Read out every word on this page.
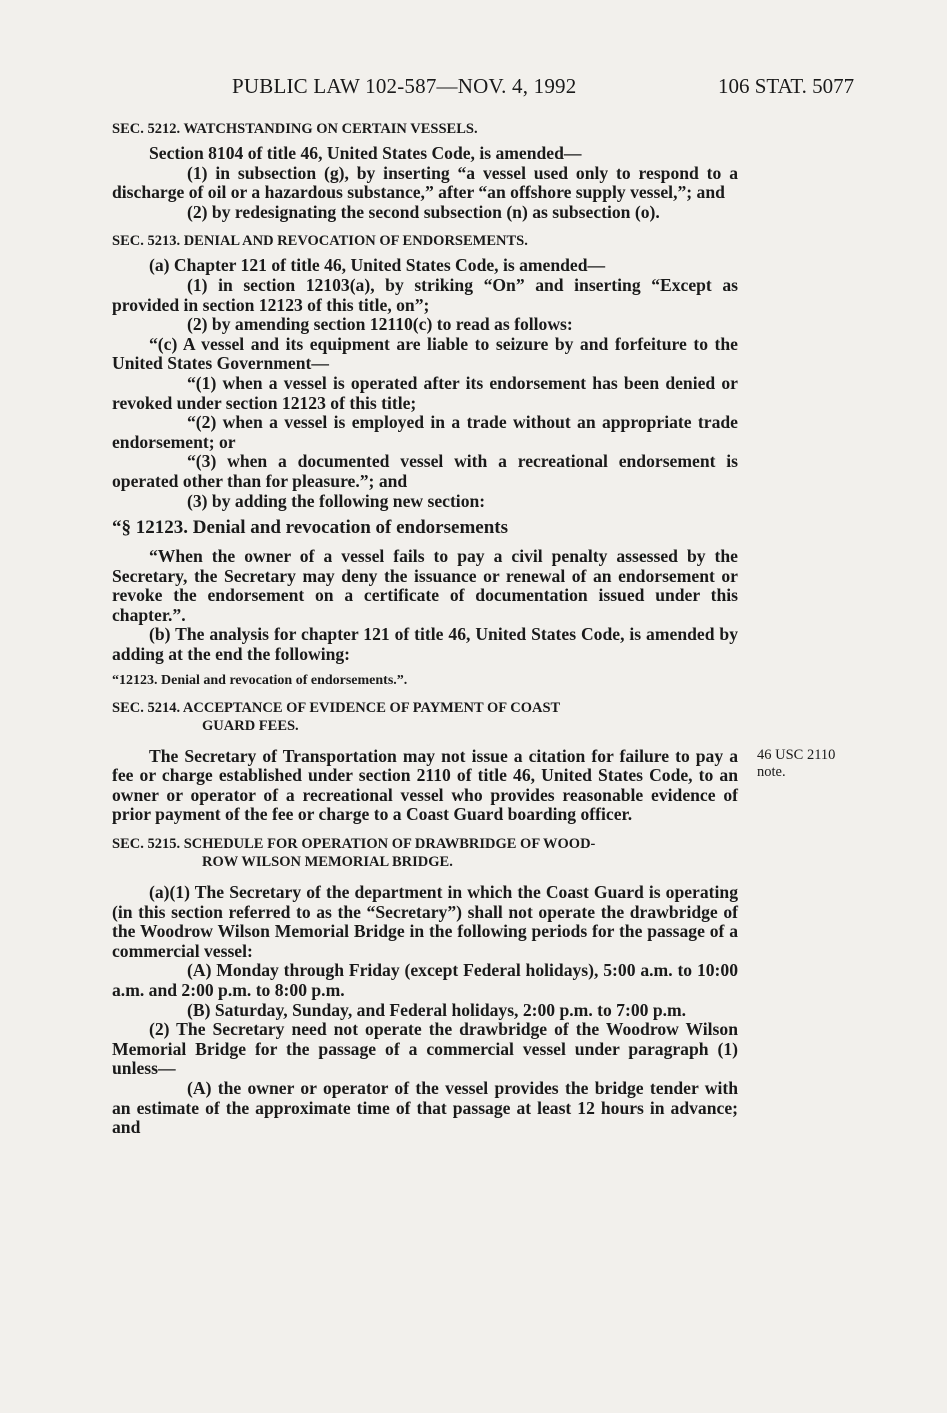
PUBLIC LAW 102-587—NOV. 4, 1992	106 STAT. 5077
SEC. 5212. WATCHSTANDING ON CERTAIN VESSELS.

Section 8104 of title 46, United States Code, is amended—

(1) in subsection (g), by inserting “a vessel used only to respond to a discharge of oil or a hazardous substance,” after “an offshore supply vessel,”; and

(2) by redesignating the second subsection (n) as subsection (o).

SEC. 5213. DENIAL AND REVOCATION OF ENDORSEMENTS.

(a) Chapter 121 of title 46, United States Code, is amended—

(1) in section 12103(a), by striking “On” and inserting “Except as provided in section 12123 of this title, on”;

(2) by amending section 12110(c) to read as follows:

“(c) A vessel and its equipment are liable to seizure by and forfeiture to the United States Government—

“(1) when a vessel is operated after its endorsement has been denied or revoked under section 12123 of this title;

“(2) when a vessel is employed in a trade without an appropriate trade endorsement; or

“(3) when a documented vessel with a recreational endorsement is operated other than for pleasure.”; and

(3) by adding the following new section:

“§ 12123. Denial and revocation of endorsements

“When the owner of a vessel fails to pay a civil penalty assessed by the Secretary, the Secretary may deny the issuance or renewal of an endorsement or revoke the endorsement on a certificate of documentation issued under this chapter.”.

(b) The analysis for chapter 121 of title 46, United States Code, is amended by adding at the end the following:

“12123. Denial and revocation of endorsements.”.
SEC. 5214. ACCEPTANCE OF EVIDENCE OF PAYMENT OF COAST
GUARD FEES.

The Secretary of Transportation may not issue a citation for failure to pay a fee or charge established under section 2110 of title 46, United States Code, to an owner or operator of a recreational vessel who provides reasonable evidence of prior payment of the fee or charge to a Coast Guard boarding officer.

SEC. 5215. SCHEDULE FOR OPERATION OF DRAWBRIDGE OF WOOD-
ROW WILSON MEMORIAL BRIDGE.

(a)(1) The Secretary of the department in which the Coast Guard is operating (in this section referred to as the “Secretary”) shall not operate the drawbridge of the Woodrow Wilson Memorial Bridge in the following periods for the passage of a commercial vessel:

(A) Monday through Friday (except Federal holidays), 5:00 a.m. to 10:00 a.m. and 2:00 p.m. to 8:00 p.m.

(B) Saturday, Sunday, and Federal holidays, 2:00 p.m. to 7:00 p.m.

(2) The Secretary need not operate the drawbridge of the Woodrow Wilson Memorial Bridge for the passage of a commercial vessel under paragraph (1) unless—

(A) the owner or operator of the vessel provides the bridge tender with an estimate of the approximate time of that passage at least 12 hours in advance; and

46 USC 2110
note.
